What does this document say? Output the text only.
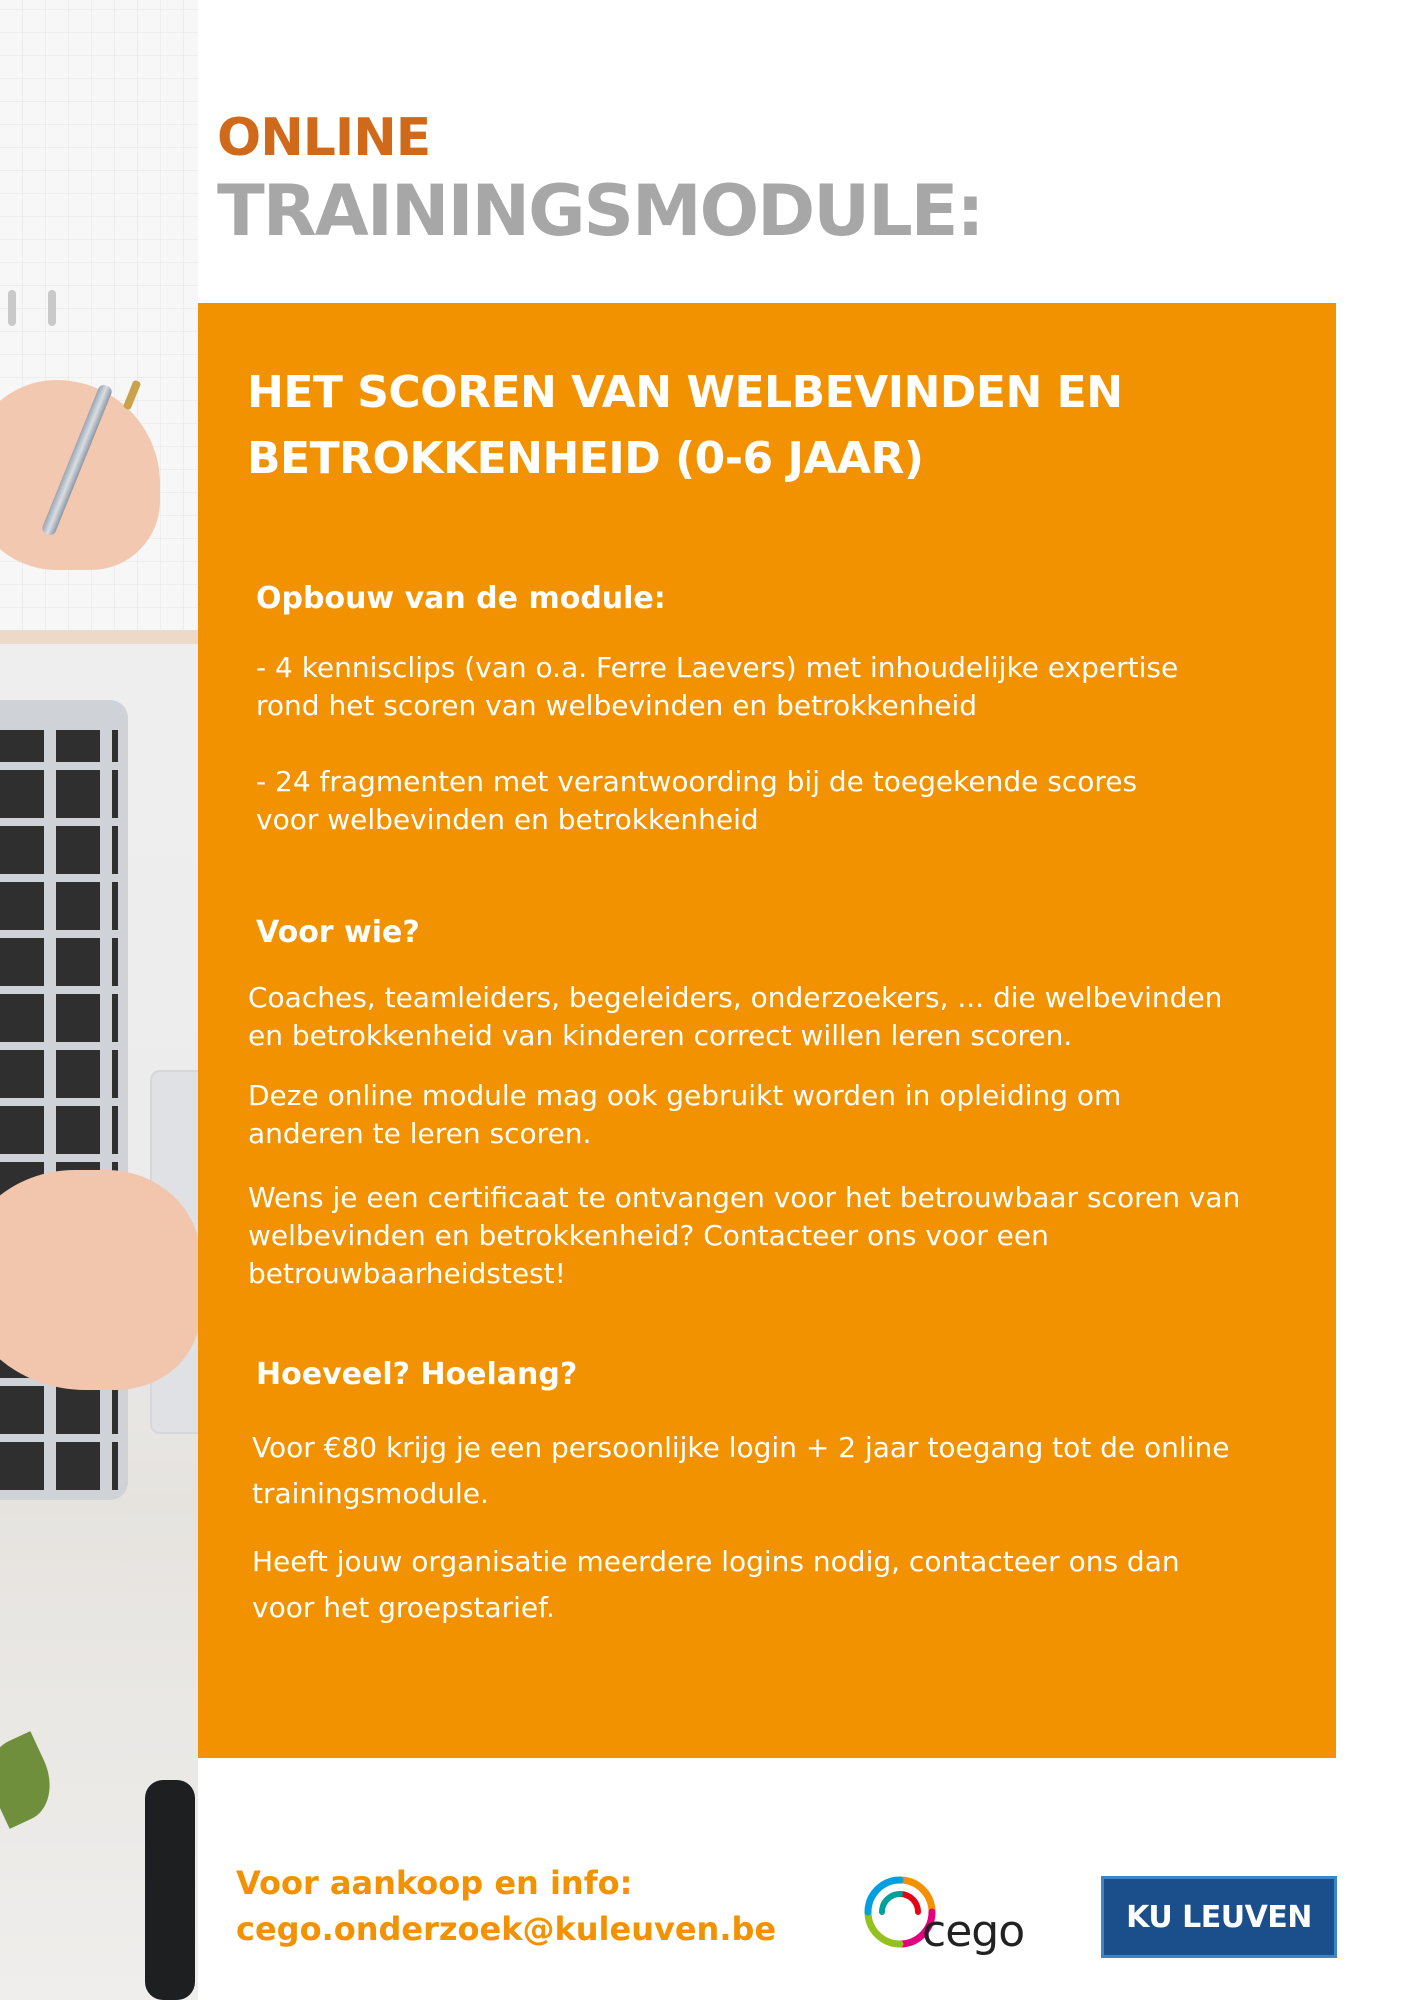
ONLINE
TRAININGSMODULE:
HET SCOREN VAN WELBEVINDEN EN BETROKKENHEID (0-6 JAAR)
Opbouw van de module:

- 4 kennisclips (van o.a. Ferre Laevers) met inhoudelijke expertise
rond het scoren van welbevinden en betrokkenheid

- 24 fragmenten met verantwoording bij de toegekende scores
voor welbevinden en betrokkenheid

Voor wie?

Coaches, teamleiders, begeleiders, onderzoekers, ... die welbevinden
en betrokkenheid van kinderen correct willen leren scoren.

Deze online module mag ook gebruikt worden in opleiding om
anderen te leren scoren.

Wens je een certificaat te ontvangen voor het betrouwbaar scoren van
welbevinden en betrokkenheid? Contacteer ons voor een
betrouwbaarheidstest!

Hoeveel? Hoelang?

Voor €80 krijg je een persoonlijke login + 2 jaar toegang tot de online
trainingsmodule.

Heeft jouw organisatie meerdere logins nodig, contacteer ons dan
voor het groepstarief.

Voor aankoop en info:
cego.onderzoek@kuleuven.be	cego	KU LEUVEN
